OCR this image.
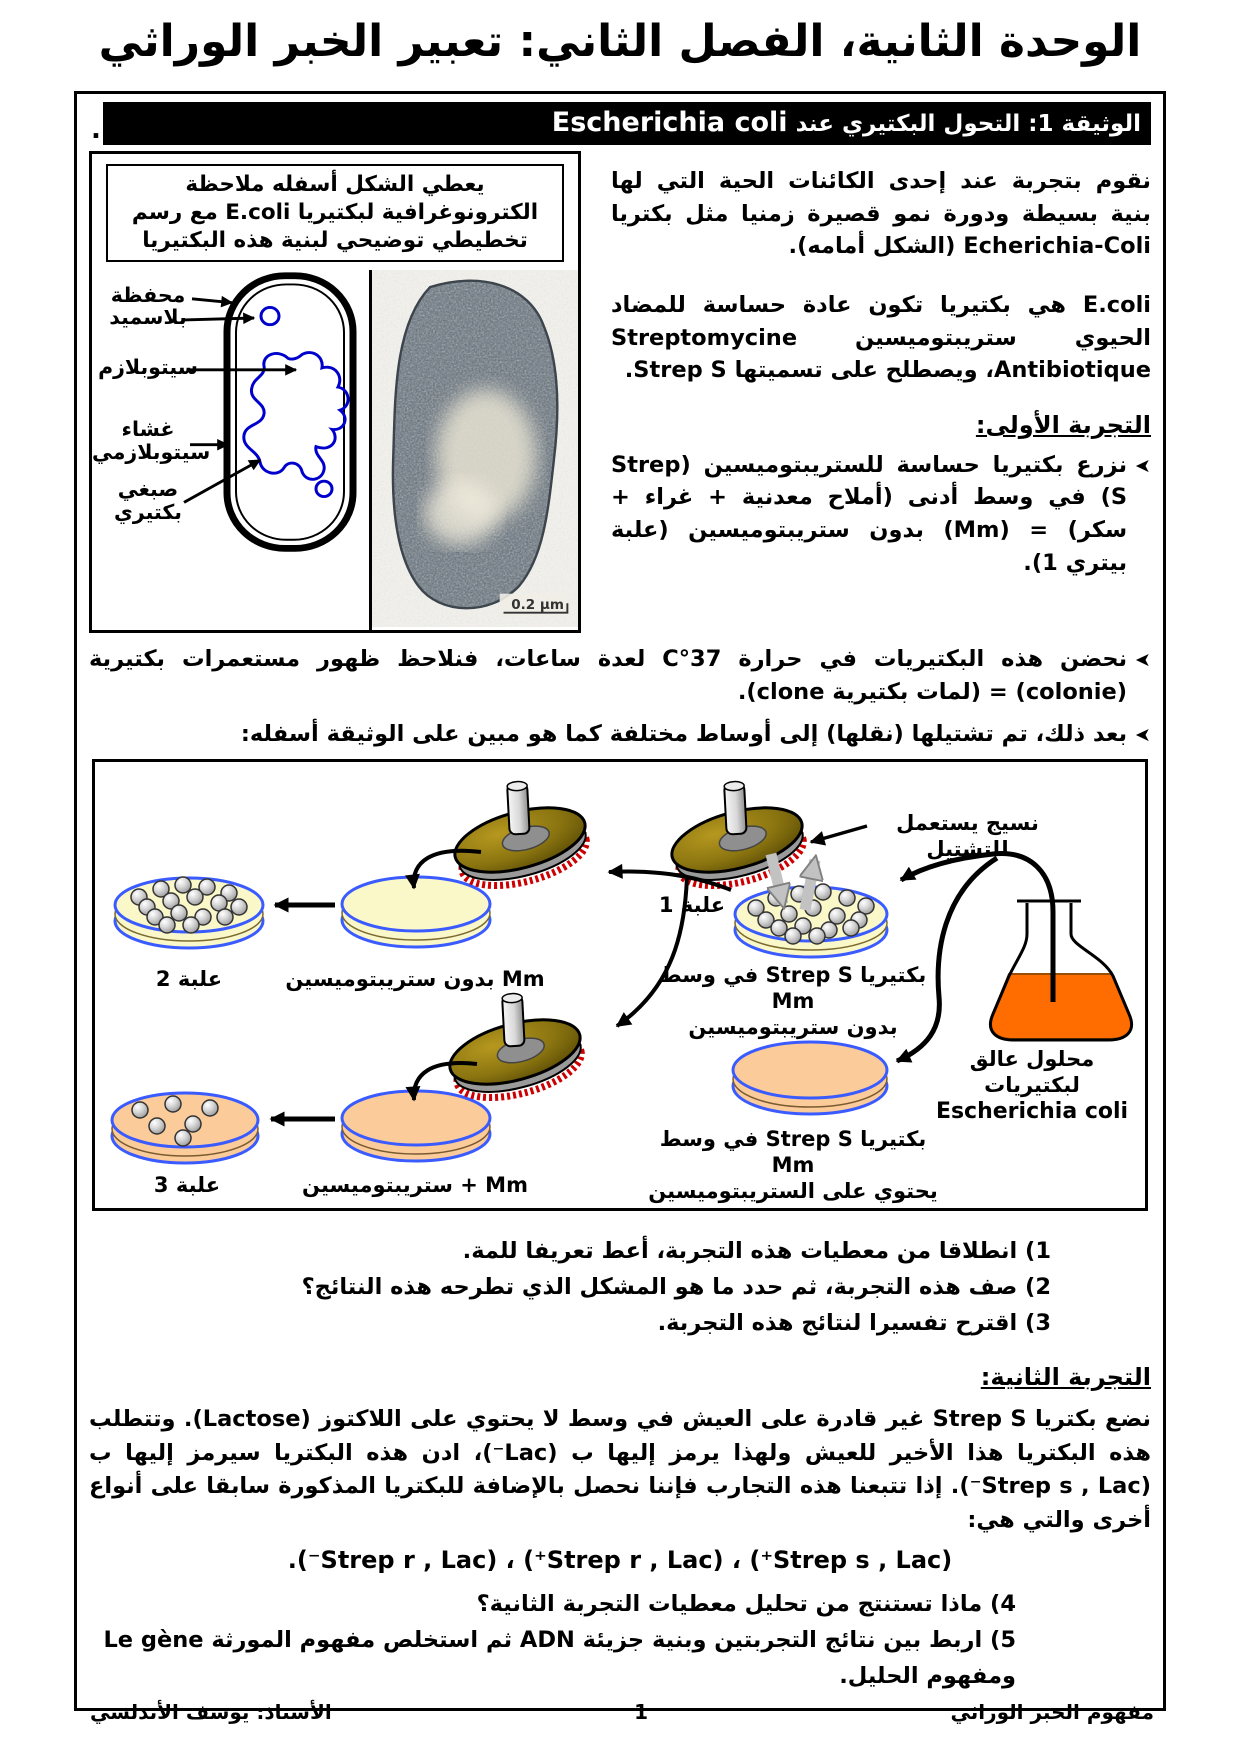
الوحدة الثانية، الفصل الثاني: تعبير الخبر الوراثي
الوثيقة 1: التحول البكتيري عند Escherichia coli
.

نقوم بتجربة عند إحدى الكائنات الحية التي لها بنية بسيطة ودورة نمو قصيرة زمنيا مثل بكتريا Echerichia-Coli (الشكل أمامه).

E.coli هي بكتيريا تكون عادة حساسة للمضاد الحيوي ستريبتوميسين Streptomycine Antibiotique، ويصطلح على تسميتها Strep S.

التجربة الأولى:
➤
نزرع بكتيريا حساسة للستريبتوميسين (Strep S) في وسط أدنى (أملاح معدنية + غراء + سكر) = (Mm) بدون ستريبتوميسين (علبة بيتري 1).
يعطي الشكل أسفله ملاحظة الكترونوغرافية لبكتيريا E.coli مع رسم تخطيطي توضيحي لبنية هذه البكتيريا
محفظة
بلاسميد
سيتوبلازم
غشاء
سيتوبلازمي
صبغي
بكتيري
0.2 μm
➤
نحضن هذه البكتيريات في حرارة 37°C لعدة ساعات، فنلاحظ ظهور مستعمرات بكتيرية (colonie) = (لمات بكتيرية clone).
➤
بعد ذلك، تم تشتيلها (نقلها) إلى أوساط مختلفة كما هو مبين على الوثيقة أسفله:
نسيج يستعمل للتشتيل
علبة 1
بكتيريا Strep S في وسط Mm
بدون ستريبتوميسين
علبة 2	Mm بدون ستريبتوميسين
علبة 3	Mm + ستريبتوميسين
محلول عالق لبكتيريات
Escherichia coli
بكتيريا Strep S في وسط Mm
يحتوي على الستريبتوميسين
1) انطلاقا من معطيات هذه التجربة، أعط تعريفا للمة.
2) صف هذه التجربة، ثم حدد ما هو المشكل الذي تطرحه هذه النتائج؟
3) اقترح تفسيرا لنتائج هذه التجربة.
التجربة الثانية:
نضع بكتريا Strep S غير قادرة على العيش في وسط لا يحتوي على اللاكتوز (Lactose). وتتطلب هذه البكتريا هذا الأخير للعيش ولهذا يرمز إليها ب (Lac⁻)، ادن هذه البكتريا سيرمز إليها ب (Strep s , Lac⁻). إذا تتبعنا هذه التجارب فإننا نحصل بالإضافة للبكتريا المذكورة سابقا على أنواع أخرى والتي هي:
(Strep s , Lac⁺) ، (Strep r , Lac⁺) ، (Strep r , Lac⁻).
4) ماذا تستنتج من تحليل معطيات التجربة الثانية؟
5) اربط بين نتائج التجربتين وبنية جزيئة ADN ثم استخلص مفهوم المورثة Le gène ومفهوم الحليل.
مفهوم الخبر الوراثي
1
الأستاذ: يوسف الأندلسي
